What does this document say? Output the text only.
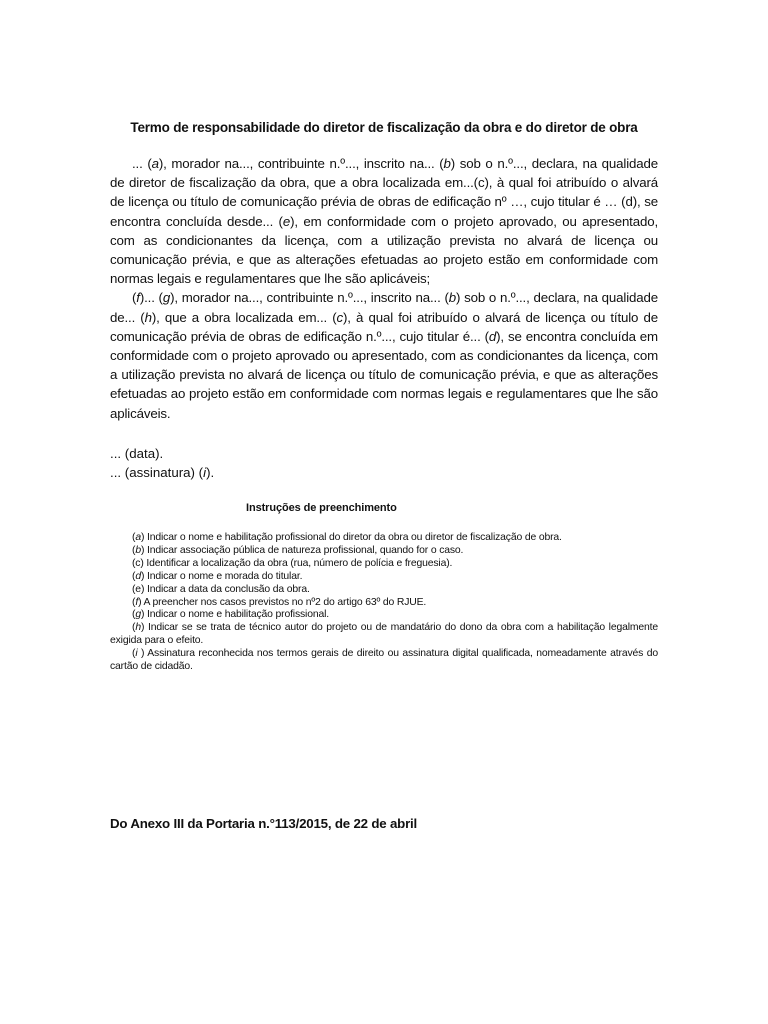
Termo de responsabilidade do diretor de fiscalização da obra e do diretor de obra

... (a), morador na..., contribuinte n.º..., inscrito na... (b) sob o n.º..., declara, na qualidade de diretor de fiscalização da obra, que a obra localizada em...(c), à qual foi atribuído o alvará de licença ou título de comunicação prévia de obras de edificação nº …, cujo titular é … (d), se encontra concluída desde... (e), em conformidade com o projeto aprovado, ou apresentado, com as condicionantes da licença, com a utilização prevista no alvará de licença ou comunicação prévia, e que as alterações efetuadas ao projeto estão em conformidade com normas legais e regulamentares que lhe são aplicáveis;

(f)... (g), morador na..., contribuinte n.º..., inscrito na... (b) sob o n.º..., declara, na qualidade de... (h), que a obra localizada em... (c), à qual foi atribuído o alvará de licença ou título de comunicação prévia de obras de edificação n.º..., cujo titular é... (d), se encontra concluída em conformidade com o projeto aprovado ou apresentado, com as condicionantes da licença, com a utilização prevista no alvará de licença ou título de comunicação prévia, e que as alterações efetuadas ao projeto estão em conformidade com normas legais e regulamentares que lhe são aplicáveis.

... (data).
... (assinatura) (i).
Instruções de preenchimento

(a) Indicar o nome e habilitação profissional do diretor da obra ou diretor de fiscalização de obra.

(b) Indicar associação pública de natureza profissional, quando for o caso.

(c) Identificar a localização da obra (rua, número de polícia e freguesia).

(d) Indicar o nome e morada do titular.

(e) Indicar a data da conclusão da obra.

(f) A preencher nos casos previstos no nº2 do artigo 63º do RJUE.

(g) Indicar o nome e habilitação profissional.

(h) Indicar se se trata de técnico autor do projeto ou de mandatário do dono da obra com a habilitação legalmente exigida para o efeito.

(i ) Assinatura reconhecida nos termos gerais de direito ou assinatura digital qualificada, nomeadamente através do cartão de cidadão.

Do Anexo III da Portaria n.°113/2015, de 22 de abril
